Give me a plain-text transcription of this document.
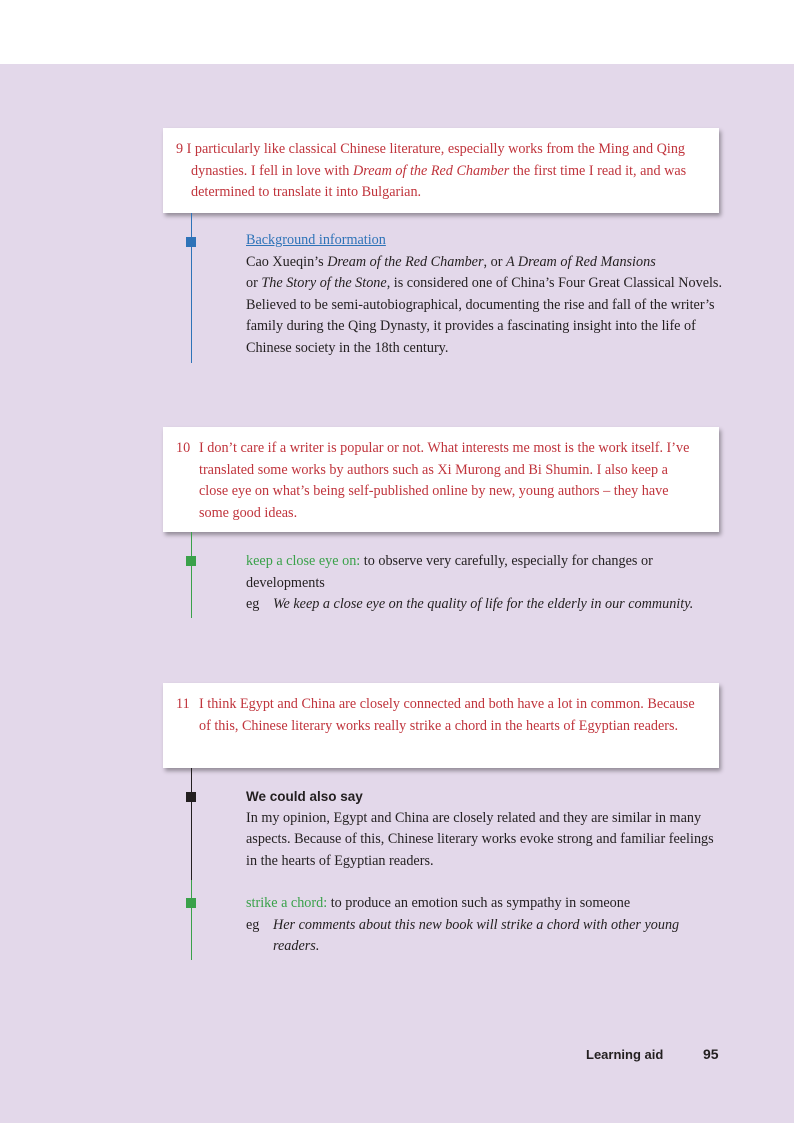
9 I particularly like classical Chinese literature, especially works from the Ming and Qing dynasties. I fell in love with Dream of the Red Chamber the first time I read it, and was determined to translate it into Bulgarian.
Background information
Cao Xueqin’s Dream of the Red Chamber, or A Dream of Red Mansions
or The Story of the Stone, is considered one of China’s Four Great Classical Novels. Believed to be semi-autobiographical, documenting the rise and fall of the writer’s family during the Qing Dynasty, it provides a fascinating insight into the life of Chinese society in the 18th century.
10 I don’t care if a writer is popular or not. What interests me most is the work itself. I’ve translated some works by authors such as Xi Murong and Bi Shumin. I also keep a close eye on what’s being self-published online by new, young authors – they have some good ideas.
keep a close eye on: to observe very carefully, especially for changes or developments
eg We keep a close eye on the quality of life for the elderly in our community.
11 I think Egypt and China are closely connected and both have a lot in common. Because of this, Chinese literary works really strike a chord in the hearts of Egyptian readers.
We could also say
In my opinion, Egypt and China are closely related and they are similar in many aspects. Because of this, Chinese literary works evoke strong and familiar feelings in the hearts of Egyptian readers.
strike a chord: to produce an emotion such as sympathy in someone
eg Her comments about this new book will strike a chord with other young readers.
Learning aid	95
